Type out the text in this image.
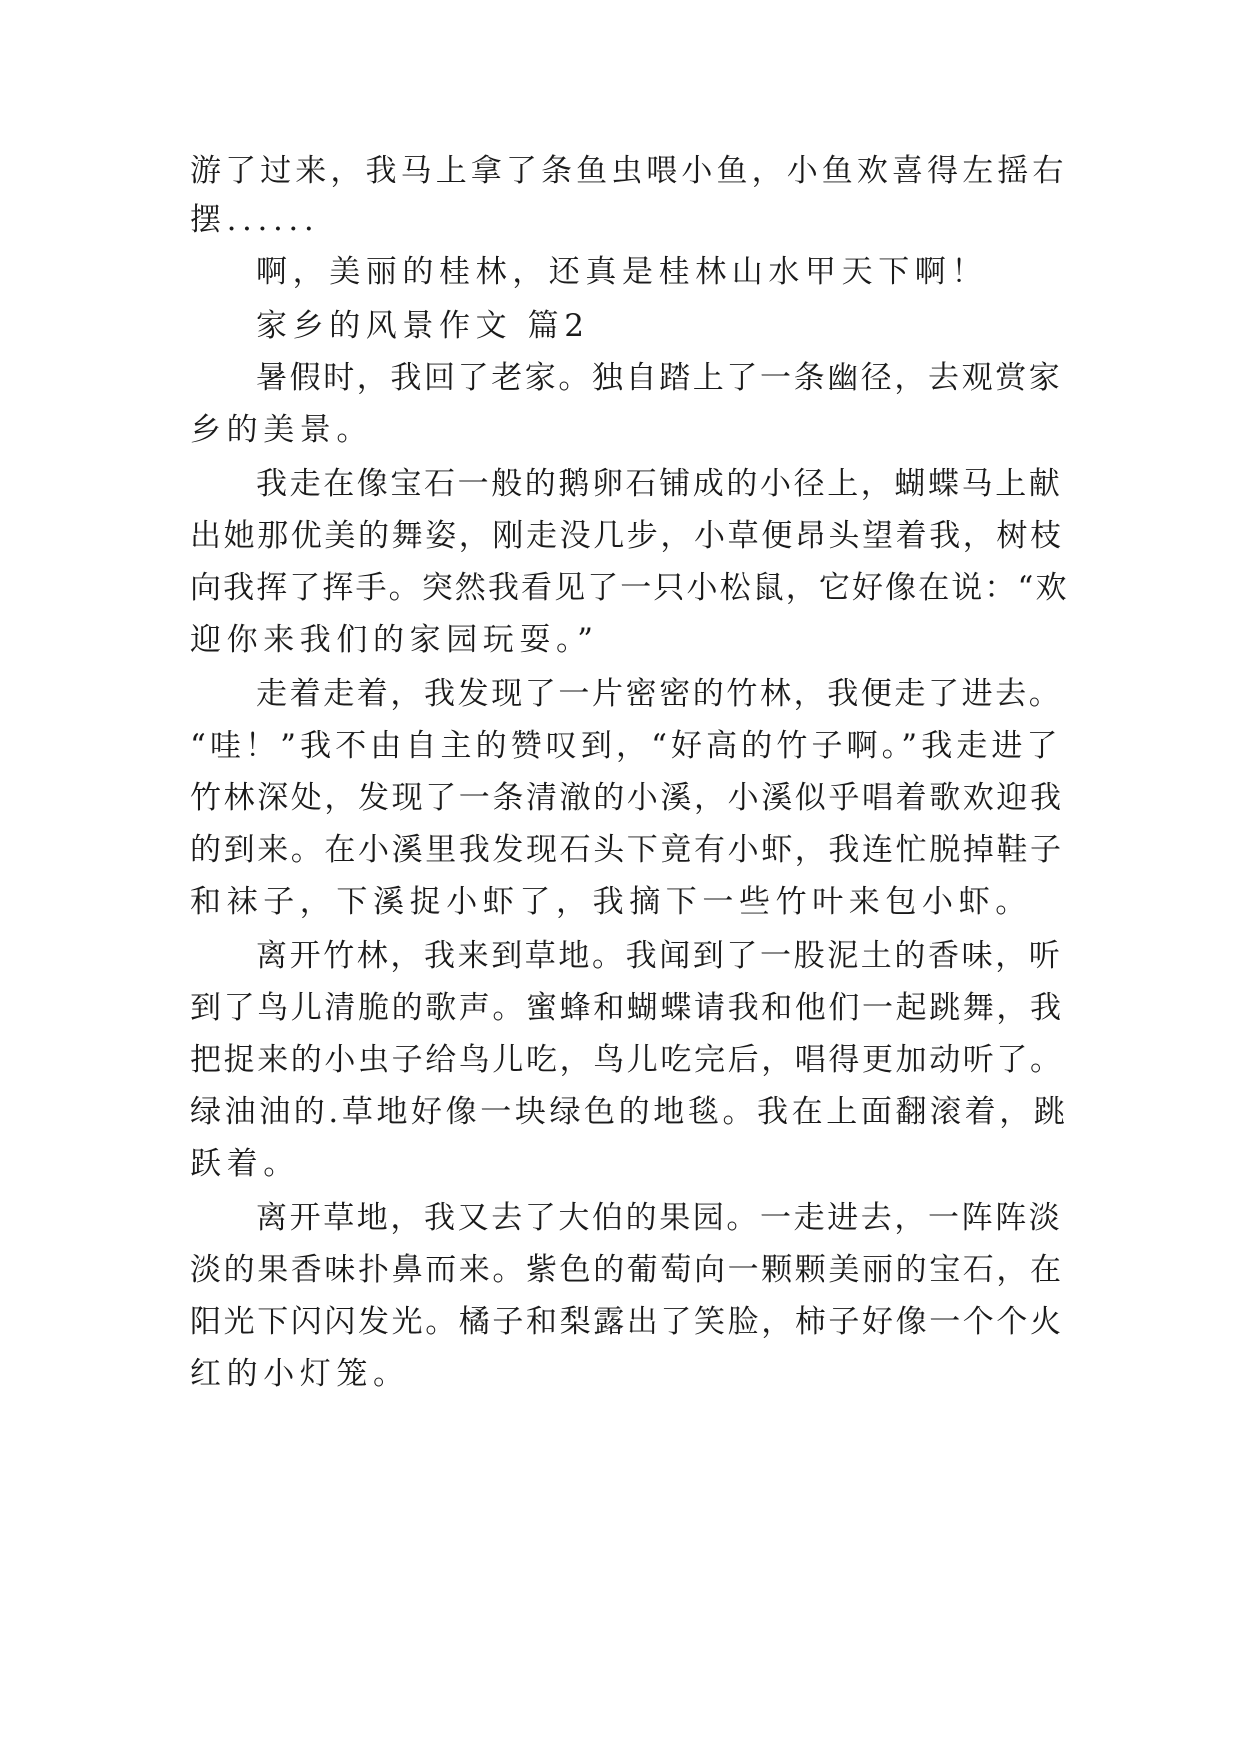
游了过来，我马上拿了条鱼虫喂小鱼，小鱼欢喜得左摇右
摆......
啊，美丽的桂林，还真是桂林山水甲天下啊！
家乡的风景作文 篇2
暑假时，我回了老家。独自踏上了一条幽径，去观赏家
乡的美景。
我走在像宝石一般的鹅卵石铺成的小径上，蝴蝶马上献
出她那优美的舞姿，刚走没几步，小草便昂头望着我，树枝
向我挥了挥手。突然我看见了一只小松鼠，它好像在说：“欢
迎你来我们的家园玩耍。”
走着走着，我发现了一片密密的竹林，我便走了进去。
“哇！”我不由自主的赞叹到，“好高的竹子啊。”我走进了
竹林深处，发现了一条清澈的小溪，小溪似乎唱着歌欢迎我
的到来。在小溪里我发现石头下竟有小虾，我连忙脱掉鞋子
和袜子，下溪捉小虾了，我摘下一些竹叶来包小虾。
离开竹林，我来到草地。我闻到了一股泥土的香味，听
到了鸟儿清脆的歌声。蜜蜂和蝴蝶请我和他们一起跳舞，我
把捉来的小虫子给鸟儿吃，鸟儿吃完后，唱得更加动听了。
绿油油的.草地好像一块绿色的地毯。我在上面翻滚着，跳
跃着。
离开草地，我又去了大伯的果园。一走进去，一阵阵淡
淡的果香味扑鼻而来。紫色的葡萄向一颗颗美丽的宝石，在
阳光下闪闪发光。橘子和梨露出了笑脸，柿子好像一个个火
红的小灯笼。
